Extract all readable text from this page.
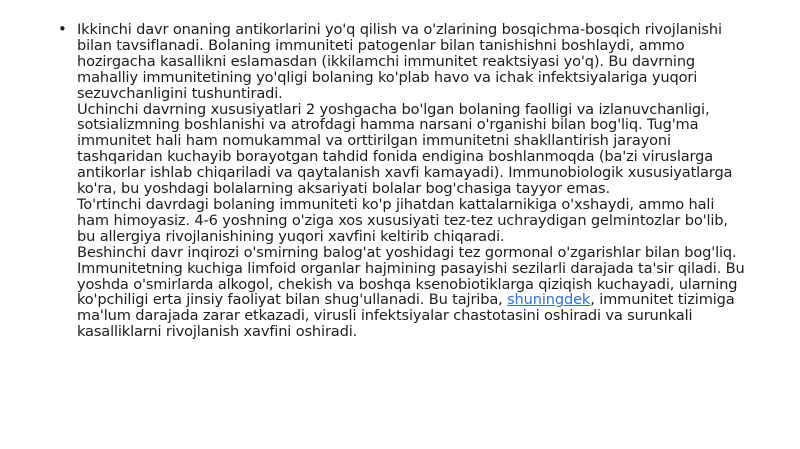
• Ikkinchi davr onaning antikorlarini yo'q qilish va o'zlarining bosqichma-bosqich rivojlanishi bilan tavsiflanadi. Bolaning immuniteti patogenlar bilan tanishishni boshlaydi, ammo hozirgacha kasallikni eslamasdan (ikkilamchi immunitet reaktsiyasi yo'q). Bu davrning mahalliy immunitetining yo'qligi bolaning ko'plab havo va ichak infektsiyalariga yuqori sezuvchanligini tushuntiradi.

Uchinchi davrning xususiyatlari 2 yoshgacha bo'lgan bolaning faolligi va izlanuvchanligi, sotsializmning boshlanishi va atrofdagi hamma narsani o'rganishi bilan bog'liq. Tug'ma immunitet hali ham nomukammal va orttirilgan immunitetni shakllantirish jarayoni tashqaridan kuchayib borayotgan tahdid fonida endigina boshlanmoqda (ba'zi viruslarga antikorlar ishlab chiqariladi va qaytalanish xavfi kamayadi). Immunobiologik xususiyatlarga ko'ra, bu yoshdagi bolalarning aksariyati bolalar bog'chasiga tayyor emas.

To'rtinchi davrdagi bolaning immuniteti ko'p jihatdan kattalarnikiga o'xshaydi, ammo hali ham himoyasiz. 4-6 yoshning o'ziga xos xususiyati tez-tez uchraydigan gelmintozlar bo'lib, bu allergiya rivojlanishining yuqori xavfini keltirib chiqaradi.

Beshinchi davr inqirozi o'smirning balog'at yoshidagi tez gormonal o'zgarishlar bilan bog'liq. Immunitetning kuchiga limfoid organlar hajmining pasayishi sezilarli darajada ta'sir qiladi. Bu yoshda o'smirlarda alkogol, chekish va boshqa ksenobiotiklarga qiziqish kuchayadi, ularning ko'pchiligi erta jinsiy faoliyat bilan shug'ullanadi. Bu tajriba, shuningdek, immunitet tizimiga ma'lum darajada zarar etkazadi, virusli infektsiyalar chastotasini oshiradi va surunkali kasalliklarni rivojlanish xavfini oshiradi.
